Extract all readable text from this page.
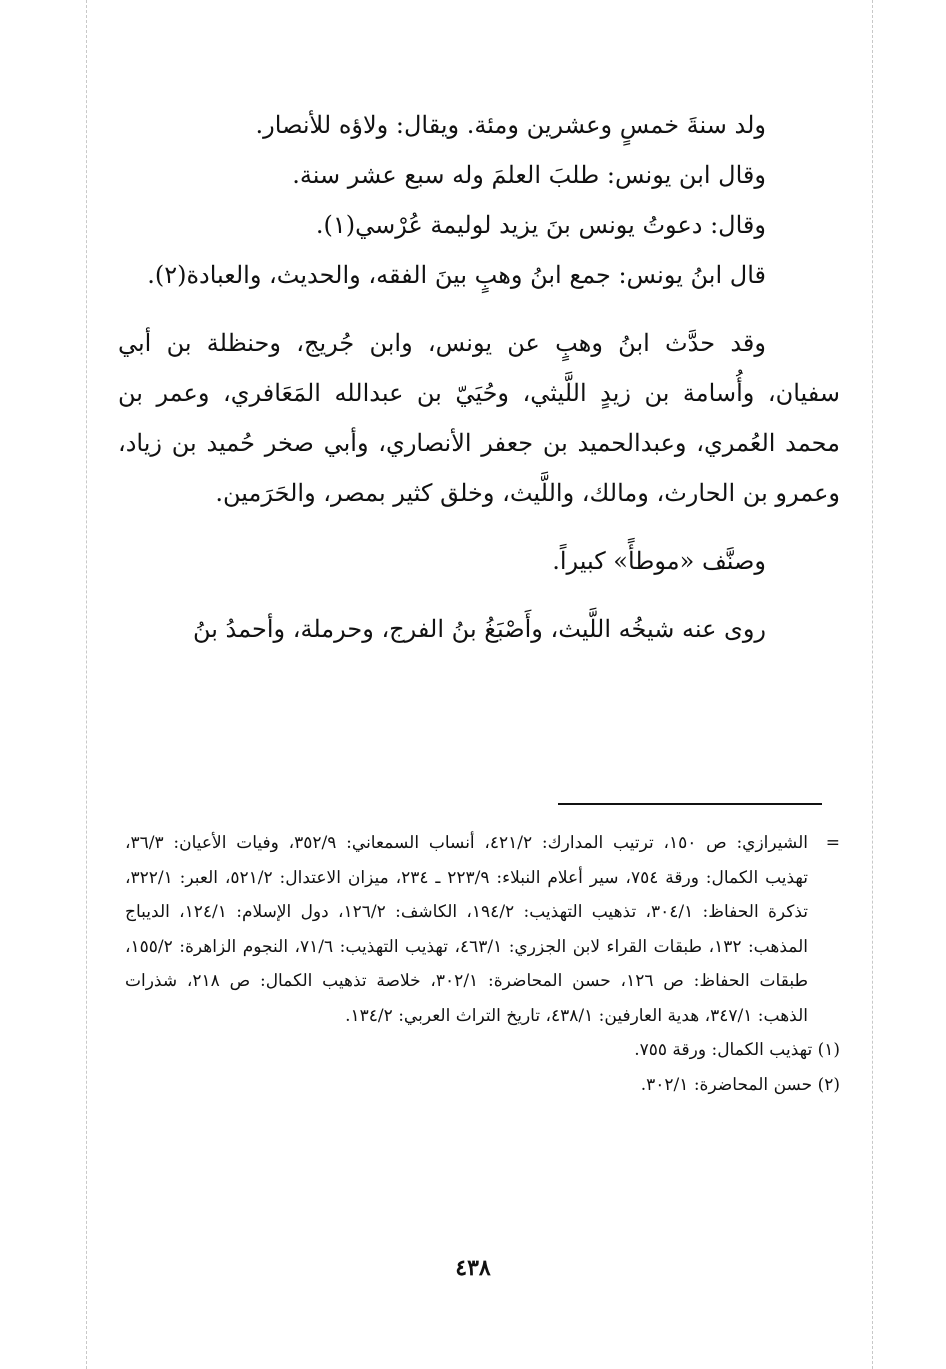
ولد سنةَ خمسٍ وعشرين ومئة. ويقال: ولاؤه للأنصار.

وقال ابن يونس: طلبَ العلمَ وله سبع عشر سنة.

وقال: دعوتُ يونس بنَ يزيد لوليمة عُرْسي(١).

قال ابنُ يونس: جمع ابنُ وهبٍ بينَ الفقه، والحديث، والعبادة(٢).

وقد حدَّث ابنُ وهبٍ عن يونس، وابن جُريج، وحنظلة بن أبي سفيان، وأُسامة بن زيدٍ اللَّيثي، وحُيَيّ بن عبدالله المَعَافري، وعمر بن محمد العُمري، وعبدالحميد بن جعفر الأنصاري، وأبي صخر حُميد بن زياد، وعمرو بن الحارث، ومالك، واللَّيث، وخلق كثير بمصر، والحَرَمين.

وصنَّف «موطأً» كبيراً.

روى عنه شيخُه اللَّيث، وأَصْبَغُ بنُ الفرج، وحرملة، وأحمدُ بنُ

=
الشيرازي: ص ١٥٠، ترتيب المدارك: ٤٢١/٢، أنساب السمعاني: ٣٥٢/٩، وفيات الأعيان: ٣٦/٣، تهذيب الكمال: ورقة ٧٥٤، سير أعلام النبلاء: ٢٢٣/٩ ـ ٢٣٤، ميزان الاعتدال: ٥٢١/٢، العبر: ٣٢٢/١، تذكرة الحفاظ: ٣٠٤/١، تذهيب التهذيب: ١٩٤/٢، الكاشف: ١٢٦/٢، دول الإسلام: ١٢٤/١، الديباج المذهب: ١٣٢، طبقات القراء لابن الجزري: ٤٦٣/١، تهذيب التهذيب: ٧١/٦، النجوم الزاهرة: ١٥٥/٢، طبقات الحفاظ: ص ١٢٦، حسن المحاضرة: ٣٠٢/١، خلاصة تذهيب الكمال: ص ٢١٨، شذرات الذهب: ٣٤٧/١، هدية العارفين: ٤٣٨/١، تاريخ التراث العربي: ١٣٤/٢.

(١) تهذيب الكمال: ورقة ٧٥٥.

(٢) حسن المحاضرة: ٣٠٢/١.

٤٣٨
